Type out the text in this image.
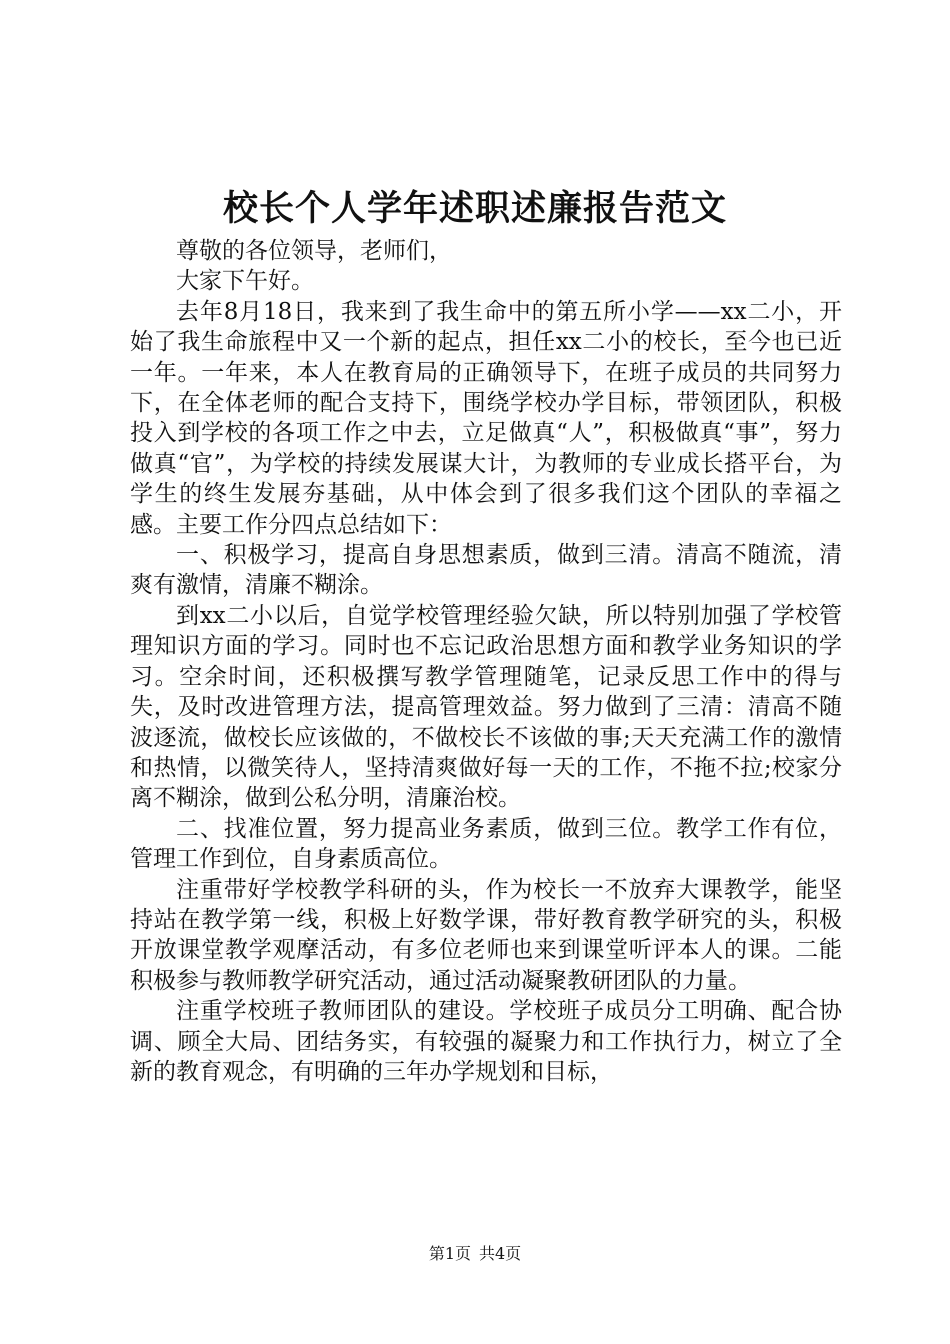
校长个人学年述职述廉报告范文

尊敬的各位领导，老师们，

大家下午好。

去年8月18日，我来到了我生命中的第五所小学——xx二小，开始了我生命旅程中又一个新的起点，担任xx二小的校长，至今也已近一年。一年来，本人在教育局的正确领导下，在班子成员的共同努力下，在全体老师的配合支持下，围绕学校办学目标，带领团队，积极投入到学校的各项工作之中去，立足做真“人”，积极做真“事”，努力做真“官”，为学校的持续发展谋大计，为教师的专业成长搭平台，为学生的终生发展夯基础，从中体会到了很多我们这个团队的幸福之感。主要工作分四点总结如下：

一、积极学习，提高自身思想素质，做到三清。清高不随流，清爽有激情，清廉不糊涂。

到xx二小以后，自觉学校管理经验欠缺，所以特别加强了学校管理知识方面的学习。同时也不忘记政治思想方面和教学业务知识的学习。空余时间，还积极撰写教学管理随笔，记录反思工作中的得与失，及时改进管理方法，提高管理效益。努力做到了三清：清高不随波逐流，做校长应该做的，不做校长不该做的事;天天充满工作的激情和热情，以微笑待人，坚持清爽做好每一天的工作，不拖不拉;校家分离不糊涂，做到公私分明，清廉治校。

二、找准位置，努力提高业务素质，做到三位。教学工作有位，管理工作到位，自身素质高位。

注重带好学校教学科研的头，作为校长一不放弃大课教学，能坚持站在教学第一线，积极上好数学课，带好教育教学研究的头，积极开放课堂教学观摩活动，有多位老师也来到课堂听评本人的课。二能积极参与教师教学研究活动，通过活动凝聚教研团队的力量。

注重学校班子教师团队的建设。学校班子成员分工明确、配合协调、顾全大局、团结务实，有较强的凝聚力和工作执行力，树立了全新的教育观念，有明确的三年办学规划和目标，

第1页 共4页
